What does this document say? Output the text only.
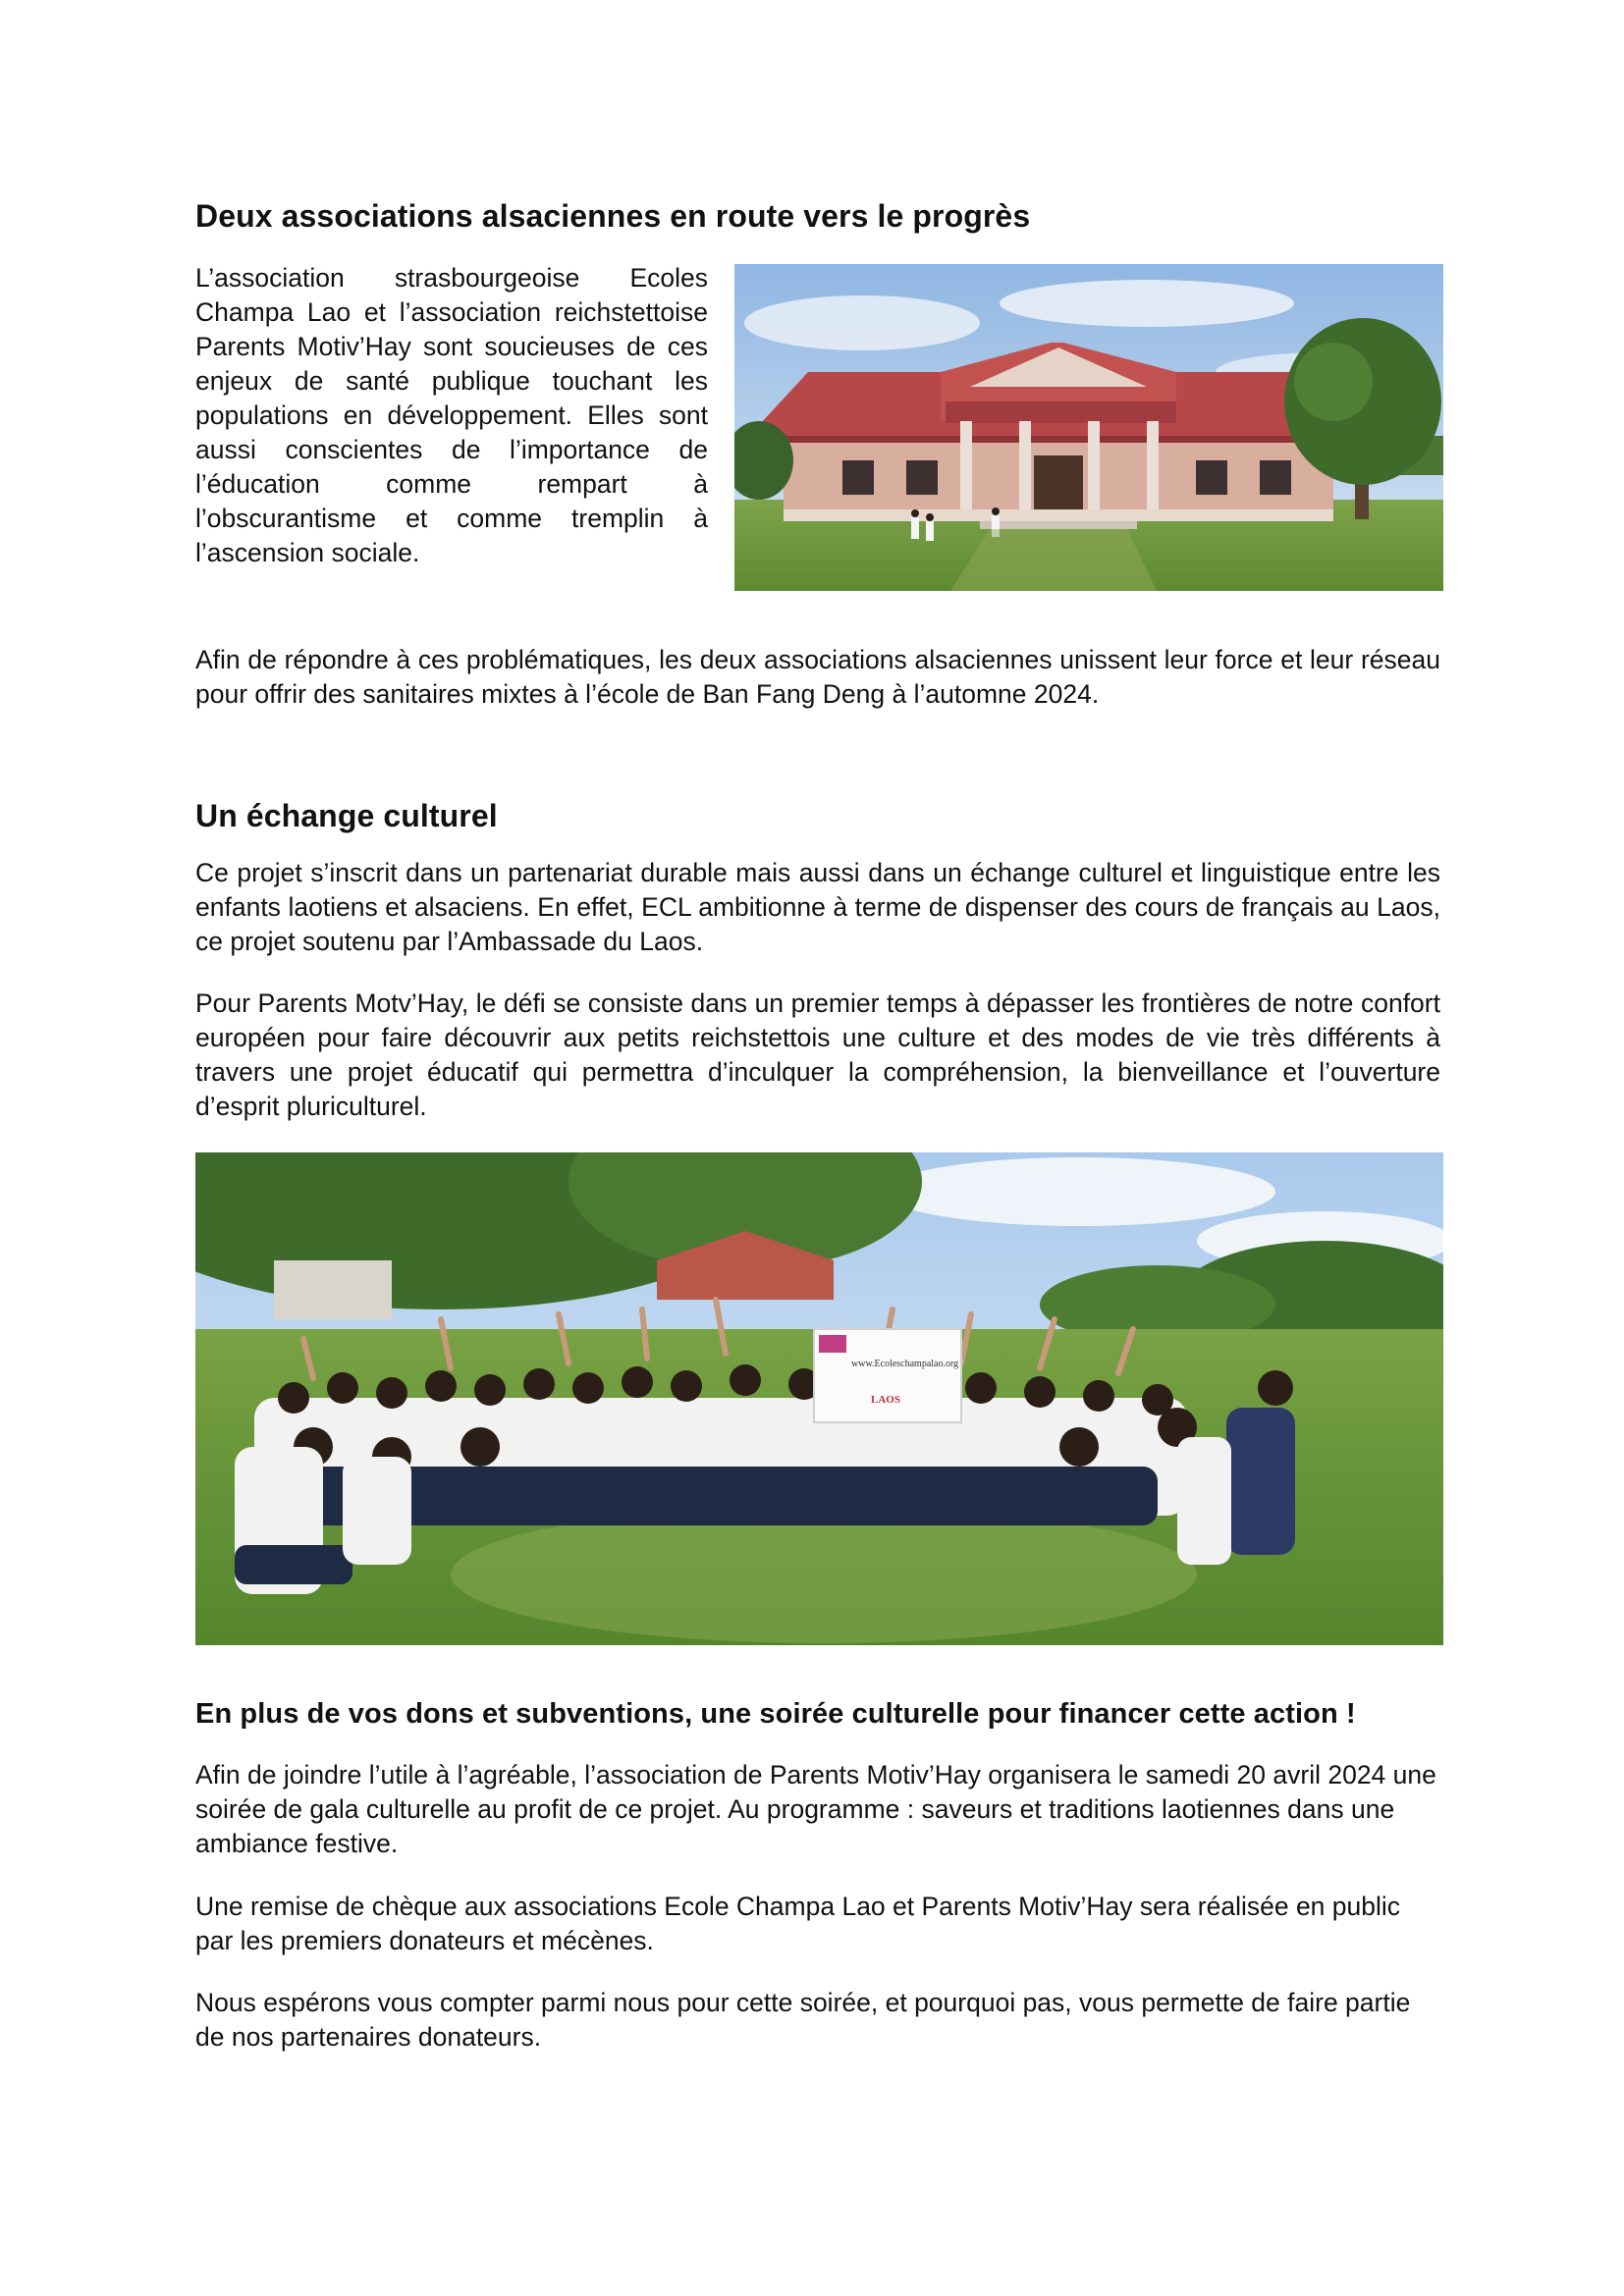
Deux associations alsaciennes en route vers le progrès

L’association strasbourgeoise Ecoles Champa Lao et l’association reichstettoise Parents Motiv’Hay sont soucieuses de ces enjeux de santé publique touchant les populations en développement. Elles sont aussi conscientes de l’importance de l’éducation comme rempart à l’obscurantisme et comme tremplin à l’ascension sociale.

Afin de répondre à ces problématiques, les deux associations alsaciennes unissent leur force et leur réseau pour offrir des sanitaires mixtes à l’école de Ban Fang Deng à l’automne 2024.

Un échange culturel

Ce projet s’inscrit dans un partenariat durable mais aussi dans un échange culturel et linguistique entre les enfants laotiens et alsaciens. En effet, ECL ambitionne à terme de dispenser des cours de français au Laos, ce projet soutenu par l’Ambassade du Laos.

Pour Parents Motv’Hay, le défi se consiste dans un premier temps à dépasser les frontières de notre confort européen pour faire découvrir aux petits reichstettois une culture et des modes de vie très différents à travers une projet éducatif qui permettra d’inculquer la compréhension, la bienveillance et l’ouverture d’esprit pluriculturel.

www.Ecoleschampalao.org
LAOS
En plus de vos dons et subventions, une soirée culturelle pour financer cette action !

Afin de joindre l’utile à l’agréable, l’association de Parents Motiv’Hay organisera le samedi 20 avril 2024 une soirée de gala culturelle au profit de ce projet. Au programme : saveurs et traditions laotiennes dans une ambiance festive.

Une remise de chèque aux associations Ecole Champa Lao et Parents Motiv’Hay sera réalisée en public par les premiers donateurs et mécènes.

Nous espérons vous compter parmi nous pour cette soirée, et pourquoi pas, vous permette de faire partie de nos partenaires donateurs.
